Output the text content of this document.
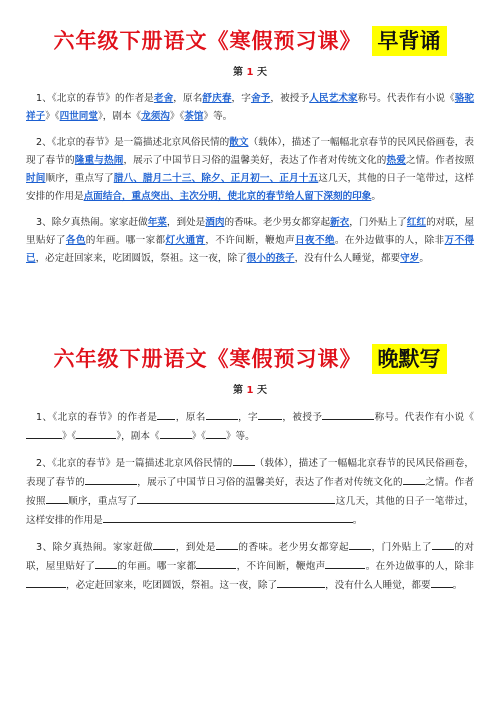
六年级下册语文《寒假预习课》 早背诵
第 1 天

1、《北京的春节》的作者是老舍，原名舒庆春，字舍予，被授予人民艺术家称号。代表作有小说《骆驼祥子》《四世同堂》，剧本《龙须沟》《茶馆》等。

2、《北京的春节》是一篇描述北京风俗民情的散文（载体），描述了一幅幅北京春节的民风民俗画卷，表现了春节的隆重与热闹，展示了中国节日习俗的温馨美好，表达了作者对传统文化的热爱之情。作者按照时间顺序，重点写了腊八、腊月二十三、除夕、正月初一、正月十五这几天，其他的日子一笔带过，这样安排的作用是点面结合，重点突出、主次分明，使北京的春节给人留下深刻的印象。

3、除夕真热闹。家家赶做年菜，到处是酒肉的香味。老少男女都穿起新衣，门外贴上了红红的对联，屋里贴好了各色的年画。哪一家都灯火通宵，不许间断，鞭炮声日夜不绝。在外边做事的人，除非万不得已，必定赶回家来，吃团圆饭，祭祖。这一夜，除了很小的孩子，没有什么人睡觉，都要守岁。

六年级下册语文《寒假预习课》 晚默写
第 1 天

1、《北京的春节》的作者是 ，原名	，字	，被授予	称号。代表作有小说《》《	》，剧本《	》《 》等。

2、《北京的春节》是一篇描述北京风俗民情的 （载体），描述了一幅幅北京春节的民风民俗画卷，表现了春节的	，展示了中国节日习俗的温馨美好，表达了作者对传统文化的 之情。作者按照 顺序，重点写了	这几天，其他的日子一笔带过，这样安排的作用是	。

3、除夕真热闹。家家赶做 ，到处是 的香味。老少男女都穿起 ，门外贴上了 的对联，屋里贴好了 的年画。哪一家都	，不许间断，鞭炮声	。在外边做事的人，除非，必定赶回家来，吃团圆饭，祭祖。这一夜，除了	，没有什么人睡觉，都要 。
